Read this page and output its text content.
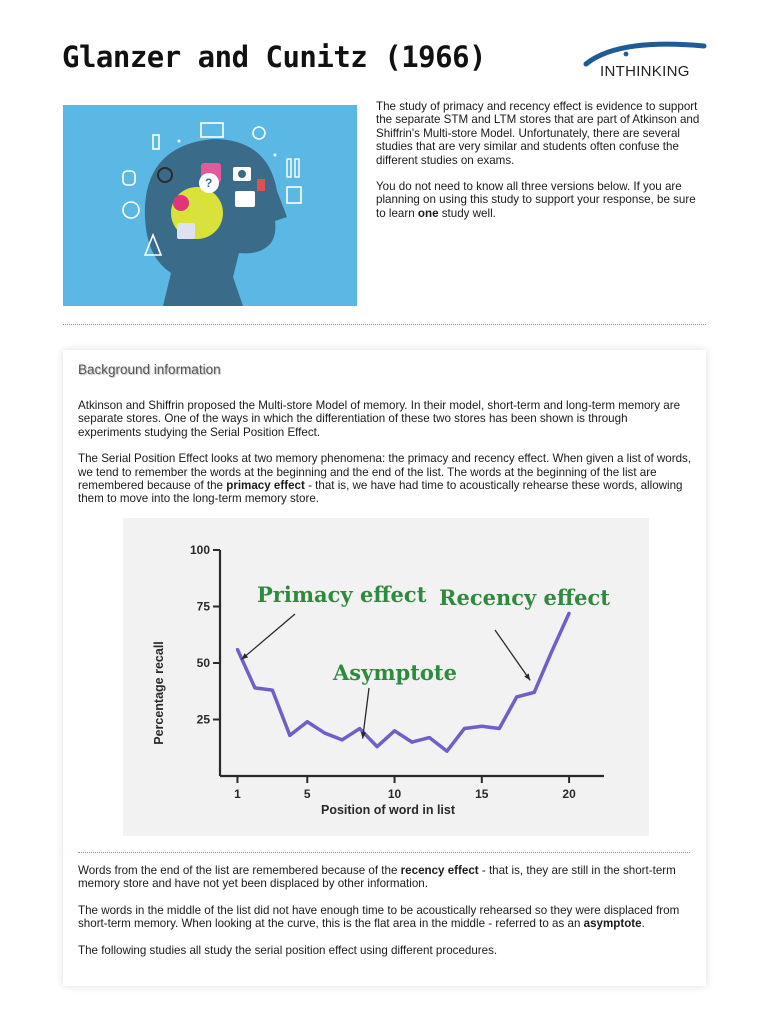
Glanzer and Cunitz (1966)	INTHINKING
?

The study of primacy and recency effect is evidence to support the separate STM and LTM stores that are part of Atkinson and Shiffrin's Multi-store Model. Unfortunately, there are several studies that are very similar and students often confuse the different studies on exams.

You do not need to know all three versions below. If you are planning on using this study to support your response, be sure to learn one study well.

Background information

Atkinson and Shiffrin proposed the Multi-store Model of memory. In their model, short-term and long-term memory are separate stores. One of the ways in which the differentiation of these two stores has been shown is through experiments studying the Serial Position Effect.

The Serial Position Effect looks at two memory phenomena: the primacy and recency effect. When given a list of words, we tend to remember the words at the beginning and the end of the list. The words at the beginning of the list are remembered because of the primacy effect - that is, we have had time to acoustically rehearse these words, allowing them to move into the long-term memory store.

25
50
75
100
1	5	10	15	20
Position of word in list
Percentage recall
Primacy effect
Asymptote
Recency effect

Words from the end of the list are remembered because of the recency effect - that is, they are still in the short-term memory store and have not yet been displaced by other information.

The words in the middle of the list did not have enough time to be acoustically rehearsed so they were displaced from short-term memory. When looking at the curve, this is the flat area in the middle - referred to as an asymptote.

The following studies all study the serial position effect using different procedures.
